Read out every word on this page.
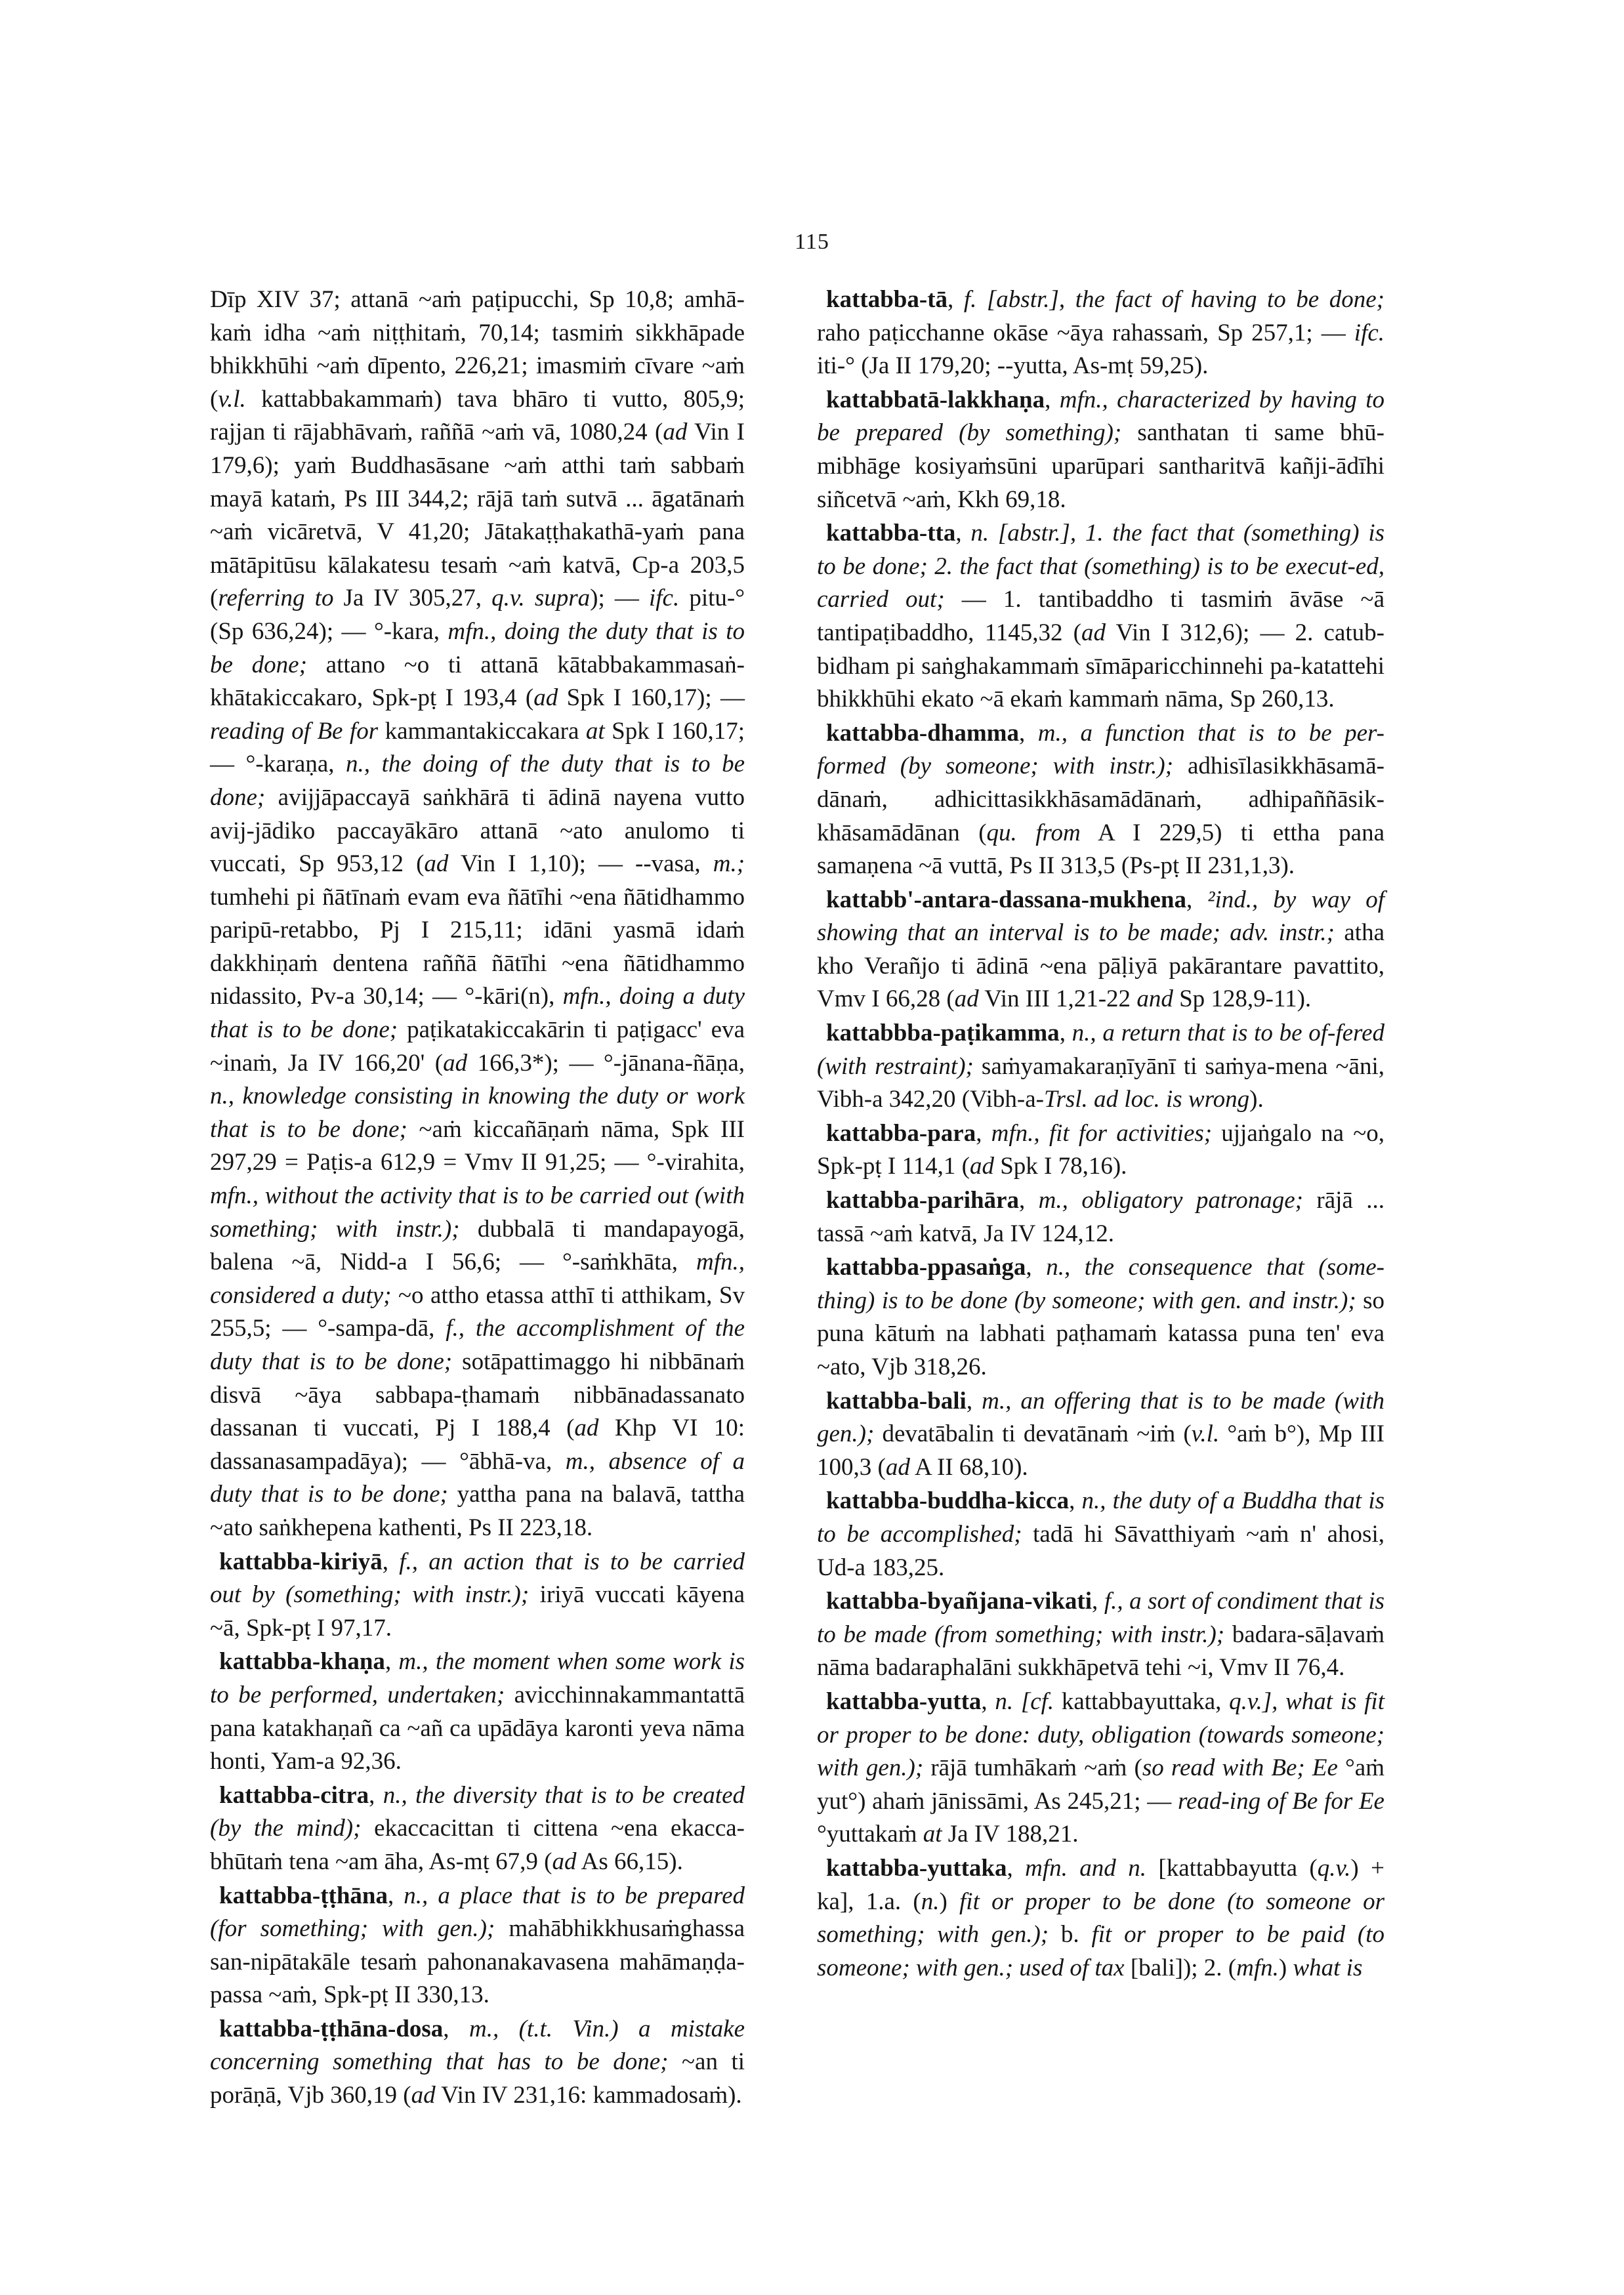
115

Dīp XIV 37; attanā ~aṁ paṭipucchi, Sp 10,8; amhā-kaṁ idha ~aṁ niṭṭhitaṁ, 70,14; tasmiṁ sikkhāpade bhikkhūhi ~aṁ dīpento, 226,21; imasmiṁ cīvare ~aṁ (v.l. kattabbakammaṁ) tava bhāro ti vutto, 805,9; rajjan ti rājabhāvaṁ, raññā ~aṁ vā, 1080,24 (ad Vin I 179,6); yaṁ Buddhasāsane ~aṁ atthi taṁ sabbaṁ mayā kataṁ, Ps III 344,2; rājā taṁ sutvā ... āgatānaṁ ~aṁ vicāretvā, V 41,20; Jātakaṭṭhakathā-yaṁ pana mātāpitūsu kālakatesu tesaṁ ~aṁ katvā, Cp-a 203,5 (referring to Ja IV 305,27, q.v. supra); — ifc. pitu-° (Sp 636,24); — °-kara, mfn., doing the duty that is to be done; attano ~o ti attanā kātabbakammasaṅ-khātakiccakaro, Spk-pṭ I 193,4 (ad Spk I 160,17); — reading of Be for kammantakiccakara at Spk I 160,17; — °-karaṇa, n., the doing of the duty that is to be done; avijjāpaccayā saṅkhārā ti ādinā nayena vutto avij-jādiko paccayākāro attanā ~ato anulomo ti vuccati, Sp 953,12 (ad Vin I 1,10); — --vasa, m.; tumhehi pi ñātīnaṁ evam eva ñātīhi ~ena ñātidhammo paripū-retabbo, Pj I 215,11; idāni yasmā idaṁ dakkhiṇaṁ dentena raññā ñātīhi ~ena ñātidhammo nidassito, Pv-a 30,14; — °-kāri(n), mfn., doing a duty that is to be done; paṭikatakiccakārin ti paṭigacc' eva ~inaṁ, Ja IV 166,20' (ad 166,3*); — °-jānana-ñāṇa, n., knowledge consisting in knowing the duty or work that is to be done; ~aṁ kiccañāṇaṁ nāma, Spk III 297,29 = Paṭis-a 612,9 = Vmv II 91,25; — °-virahita, mfn., without the activity that is to be carried out (with something; with instr.); dubbalā ti mandapayogā, balena ~ā, Nidd-a I 56,6; — °-saṁkhāta, mfn., considered a duty; ~o attho etassa atthī ti atthikam, Sv 255,5; — °-sampa-dā, f., the accomplishment of the duty that is to be done; sotāpattimaggo hi nibbānaṁ disvā ~āya sabbapa-ṭhamaṁ nibbānadassanato dassanan ti vuccati, Pj I 188,4 (ad Khp VI 10: dassanasampadāya); — °ābhā-va, m., absence of a duty that is to be done; yattha pana na balavā, tattha ~ato saṅkhepena kathenti, Ps II 223,18.

kattabba-kiriyā, f., an action that is to be carried out by (something; with instr.); iriyā vuccati kāyena ~ā, Spk-pṭ I 97,17.

kattabba-khaṇa, m., the moment when some work is to be performed, undertaken; avicchinnakammantattā pana katakhaṇañ ca ~añ ca upādāya karonti yeva nāma honti, Yam-a 92,36.

kattabba-citra, n., the diversity that is to be created (by the mind); ekaccacittan ti cittena ~ena ekacca-bhūtaṁ tena ~am āha, As-mṭ 67,9 (ad As 66,15).

kattabba-ṭṭhāna, n., a place that is to be prepared (for something; with gen.); mahābhikkhusaṁghassa san-nipātakāle tesaṁ pahonanakavasena mahāmaṇḍa-passa ~aṁ, Spk-pṭ II 330,13.

kattabba-ṭṭhāna-dosa, m., (t.t. Vin.) a mistake concerning something that has to be done; ~an ti porāṇā, Vjb 360,19 (ad Vin IV 231,16: kammadosaṁ).

kattabba-tā, f. [abstr.], the fact of having to be done; raho paṭicchanne okāse ~āya rahassaṁ, Sp 257,1; — ifc. iti-° (Ja II 179,20; --yutta, As-mṭ 59,25).

kattabbatā-lakkhaṇa, mfn., characterized by having to be prepared (by something); santhatan ti same bhū-mibhāge kosiyaṁsūni uparūpari santharitvā kañji-ādīhi siñcetvā ~aṁ, Kkh 69,18.

kattabba-tta, n. [abstr.], 1. the fact that (something) is to be done; 2. the fact that (something) is to be execut-ed, carried out; — 1. tantibaddho ti tasmiṁ āvāse ~ā tantipaṭibaddho, 1145,32 (ad Vin I 312,6); — 2. catub-bidham pi saṅghakammaṁ sīmāparicchinnehi pa-katattehi bhikkhūhi ekato ~ā ekaṁ kammaṁ nāma, Sp 260,13.

kattabba-dhamma, m., a function that is to be per-formed (by someone; with instr.); adhisīlasikkhāsamā-dānaṁ, adhicittasikkhāsamādānaṁ, adhipaññāsik-khāsamādānan (qu. from A I 229,5) ti ettha pana samaṇena ~ā vuttā, Ps II 313,5 (Ps-pṭ II 231,1,3).

kattabb'-antara-dassana-mukhena, ²ind., by way of showing that an interval is to be made; adv. instr.; atha kho Verañjo ti ādinā ~ena pāḷiyā pakārantare pavattito, Vmv I 66,28 (ad Vin III 1,21-22 and Sp 128,9-11).

kattabbba-paṭikamma, n., a return that is to be of-fered (with restraint); saṁyamakaraṇīyānī ti saṁya-mena ~āni, Vibh-a 342,20 (Vibh-a-Trsl. ad loc. is wrong).

kattabba-para, mfn., fit for activities; ujjaṅgalo na ~o, Spk-pṭ I 114,1 (ad Spk I 78,16).

kattabba-parihāra, m., obligatory patronage; rājā ... tassā ~aṁ katvā, Ja IV 124,12.

kattabba-ppasaṅga, n., the consequence that (some-thing) is to be done (by someone; with gen. and instr.); so puna kātuṁ na labhati paṭhamaṁ katassa puna ten' eva ~ato, Vjb 318,26.

kattabba-bali, m., an offering that is to be made (with gen.); devatābalin ti devatānaṁ ~iṁ (v.l. °aṁ b°), Mp III 100,3 (ad A II 68,10).

kattabba-buddha-kicca, n., the duty of a Buddha that is to be accomplished; tadā hi Sāvatthiyaṁ ~aṁ n' ahosi, Ud-a 183,25.

kattabba-byañjana-vikati, f., a sort of condiment that is to be made (from something; with instr.); badara-sāḷavaṁ nāma badaraphalāni sukkhāpetvā tehi ~i, Vmv II 76,4.

kattabba-yutta, n. [cf. kattabbayuttaka, q.v.], what is fit or proper to be done: duty, obligation (towards someone; with gen.); rājā tumhākaṁ ~aṁ (so read with Be; Ee °aṁ yut°) ahaṁ jānissāmi, As 245,21; — read-ing of Be for Ee °yuttakaṁ at Ja IV 188,21.

kattabba-yuttaka, mfn. and n. [kattabbayutta (q.v.) + ka], 1.a. (n.) fit or proper to be done (to someone or something; with gen.); b. fit or proper to be paid (to someone; with gen.; used of tax [bali]); 2. (mfn.) what is
